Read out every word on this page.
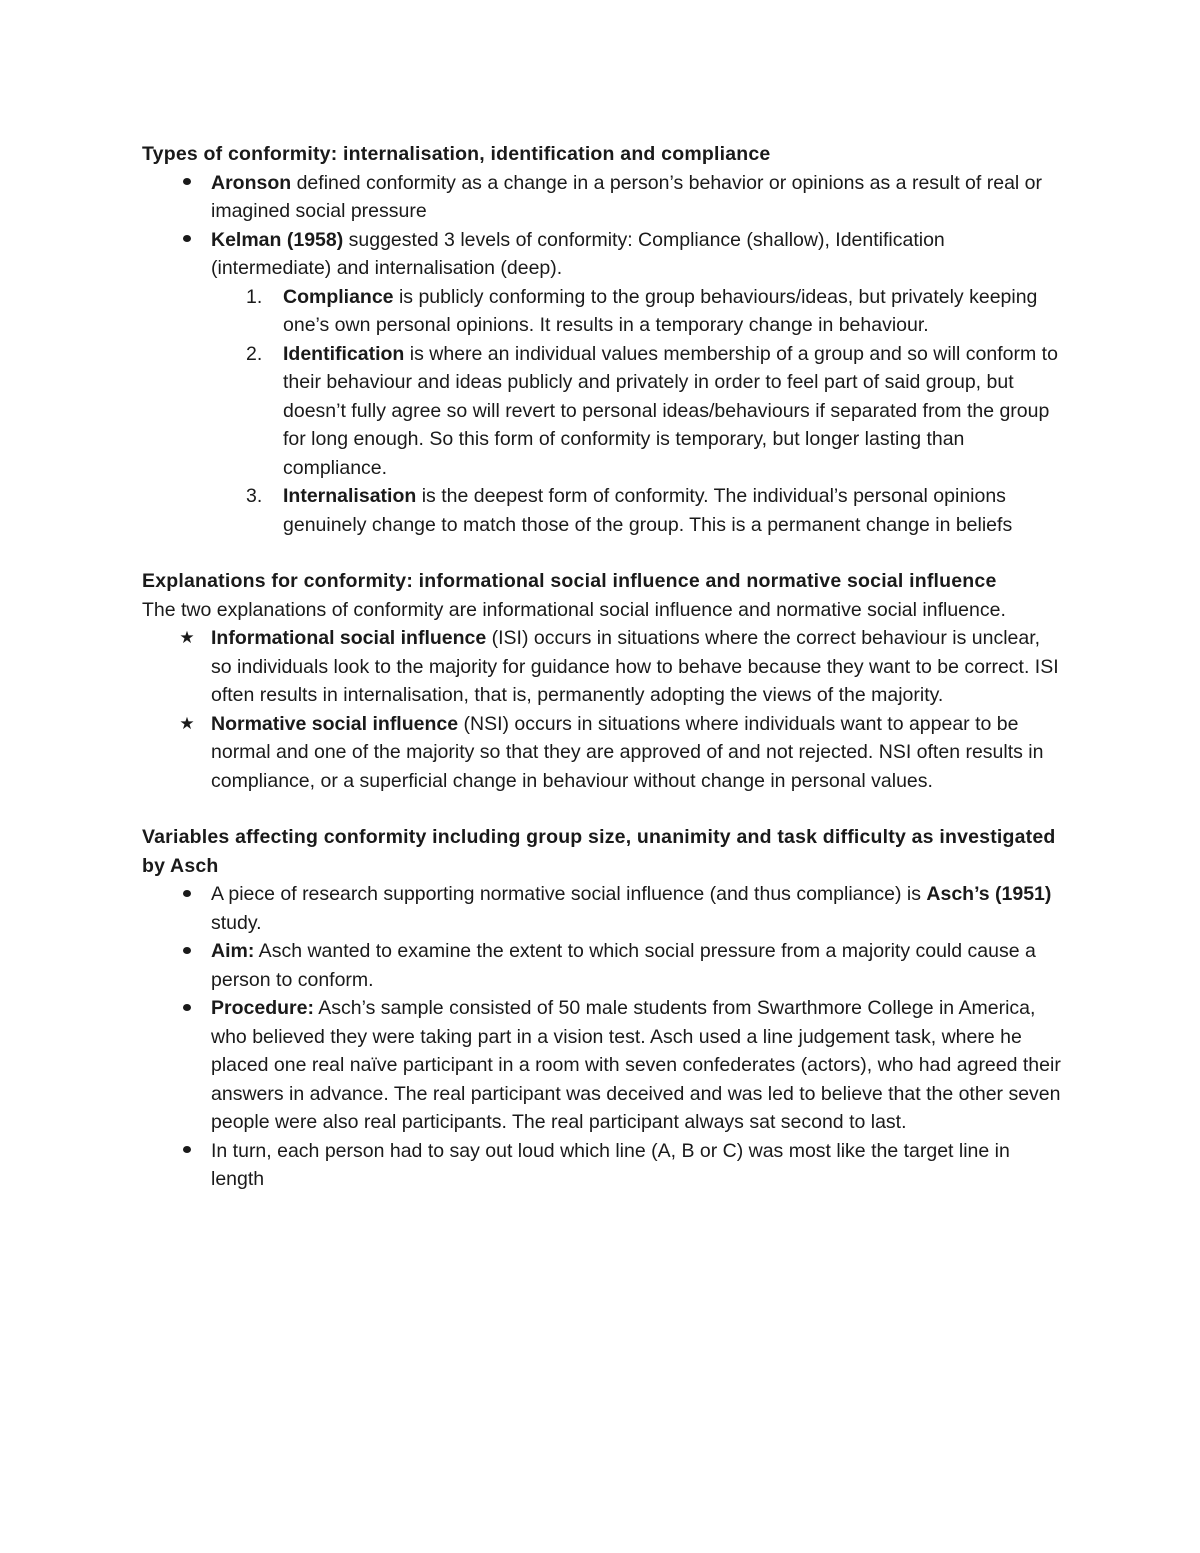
Types of conformity: internalisation, identification and compliance

Aronson defined conformity as a change in a person’s behavior or opinions as a result of real or imagined social pressure
Kelman (1958) suggested 3 levels of conformity: Compliance (shallow), Identification (intermediate) and internalisation (deep).
1. Compliance is publicly conforming to the group behaviours/ideas, but privately keeping one’s own personal opinions. It results in a temporary change in behaviour.
2. Identification is where an individual values membership of a group and so will conform to their behaviour and ideas publicly and privately in order to feel part of said group, but doesn’t fully agree so will revert to personal ideas/behaviours if separated from the group for long enough. So this form of conformity is temporary, but longer lasting than compliance.
3. Internalisation is the deepest form of conformity. The individual’s personal opinions genuinely change to match those of the group. This is a permanent change in beliefs

Explanations for conformity: informational social influence and normative social influence

The two explanations of conformity are informational social influence and normative social influence.

★ Informational social influence (ISI) occurs in situations where the correct behaviour is unclear, so individuals look to the majority for guidance how to behave because they want to be correct. ISI often results in internalisation, that is, permanently adopting the views of the majority.
★ Normative social influence (NSI) occurs in situations where individuals want to appear to be normal and one of the majority so that they are approved of and not rejected. NSI often results in compliance, or a superficial change in behaviour without change in personal values.

Variables affecting conformity including group size, unanimity and task difficulty as investigated by Asch

A piece of research supporting normative social influence (and thus compliance) is Asch’s (1951) study.
Aim: Asch wanted to examine the extent to which social pressure from a majority could cause a person to conform.
Procedure: Asch’s sample consisted of 50 male students from Swarthmore College in America, who believed they were taking part in a vision test. Asch used a line judgement task, where he placed one real naïve participant in a room with seven confederates (actors), who had agreed their answers in advance. The real participant was deceived and was led to believe that the other seven people were also real participants. The real participant always sat second to last.
In turn, each person had to say out loud which line (A, B or C) was most like the target line in length
